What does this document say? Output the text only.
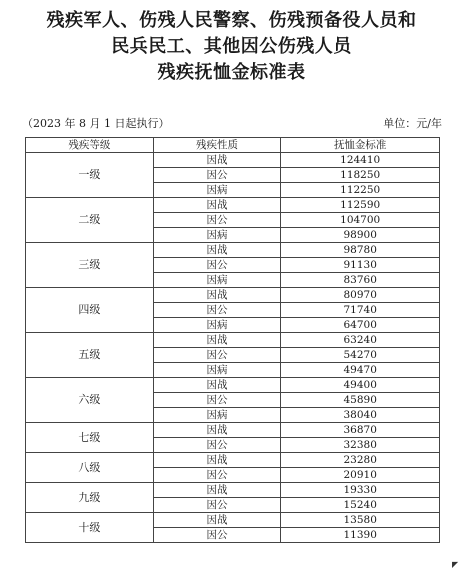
残疾军人、伤残人民警察、伤残预备役人员和
民兵民工、其他因公伤残人员
残疾抚恤金标准表
（2023 年 8 月 1 日起执行）	单位：元/年
残疾等级	残疾性质	抚恤金标准
一级	因战	124410
	因公	118250
	因病	112250
二级	因战	112590
	因公	104700
	因病	98900
三级	因战	98780
	因公	91130
	因病	83760
四级	因战	80970
	因公	71740
	因病	64700
五级	因战	63240
	因公	54270
	因病	49470
六级	因战	49400
	因公	45890
	因病	38040
七级	因战	36870
	因公	32380
八级	因战	23280
	因公	20910
九级	因战	19330
	因公	15240
十级	因战	13580
	因公	11390
◤
